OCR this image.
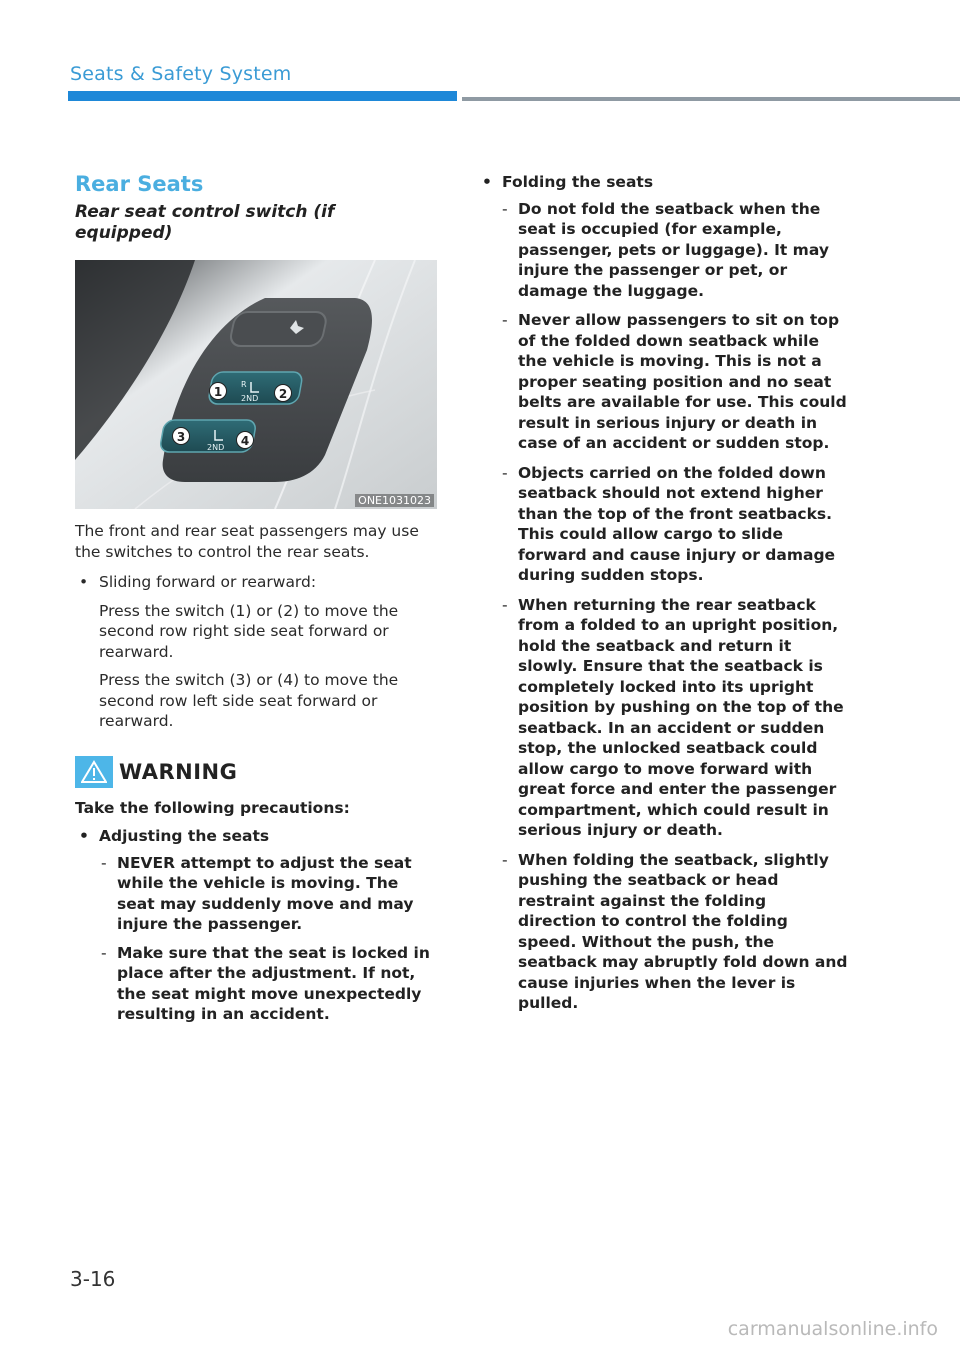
Seats & Safety System
Rear Seats
Rear seat control switch (if equipped)
R
2ND
2ND
1	2
3	4
ONE1031023
The front and rear seat passengers may use the switches to control the rear seats.
• Sliding forward or rearward:
Press the switch (1) or (2) to move the second row right side seat forward or rearward.
Press the switch (3) or (4) to move the second row left side seat forward or rearward.
WARNING
Take the following precautions:
• Adjusting the seats
- NEVER attempt to adjust the seat while the vehicle is moving. The seat may suddenly move and may injure the passenger.
- Make sure that the seat is locked in place after the adjustment. If not, the seat might move unexpectedly resulting in an accident.
• Folding the seats
- Do not fold the seatback when the seat is occupied (for example, passenger, pets or luggage). It may injure the passenger or pet, or damage the luggage.
- Never allow passengers to sit on top of the folded down seatback while the vehicle is moving. This is not a proper seating position and no seat belts are available for use. This could result in serious injury or death in case of an accident or sudden stop.
- Objects carried on the folded down seatback should not extend higher than the top of the front seatbacks. This could allow cargo to slide forward and cause injury or damage during sudden stops.
- When returning the rear seatback from a folded to an upright position, hold the seatback and return it slowly. Ensure that the seatback is completely locked into its upright position by pushing on the top of the seatback. In an accident or sudden stop, the unlocked seatback could allow cargo to move forward with great force and enter the passenger compartment, which could result in serious injury or death.
- When folding the seatback, slightly pushing the seatback or head restraint against the folding direction to control the folding speed. Without the push, the seatback may abruptly fold down and cause injuries when the lever is pulled.
3-16
carmanualsonline.info
